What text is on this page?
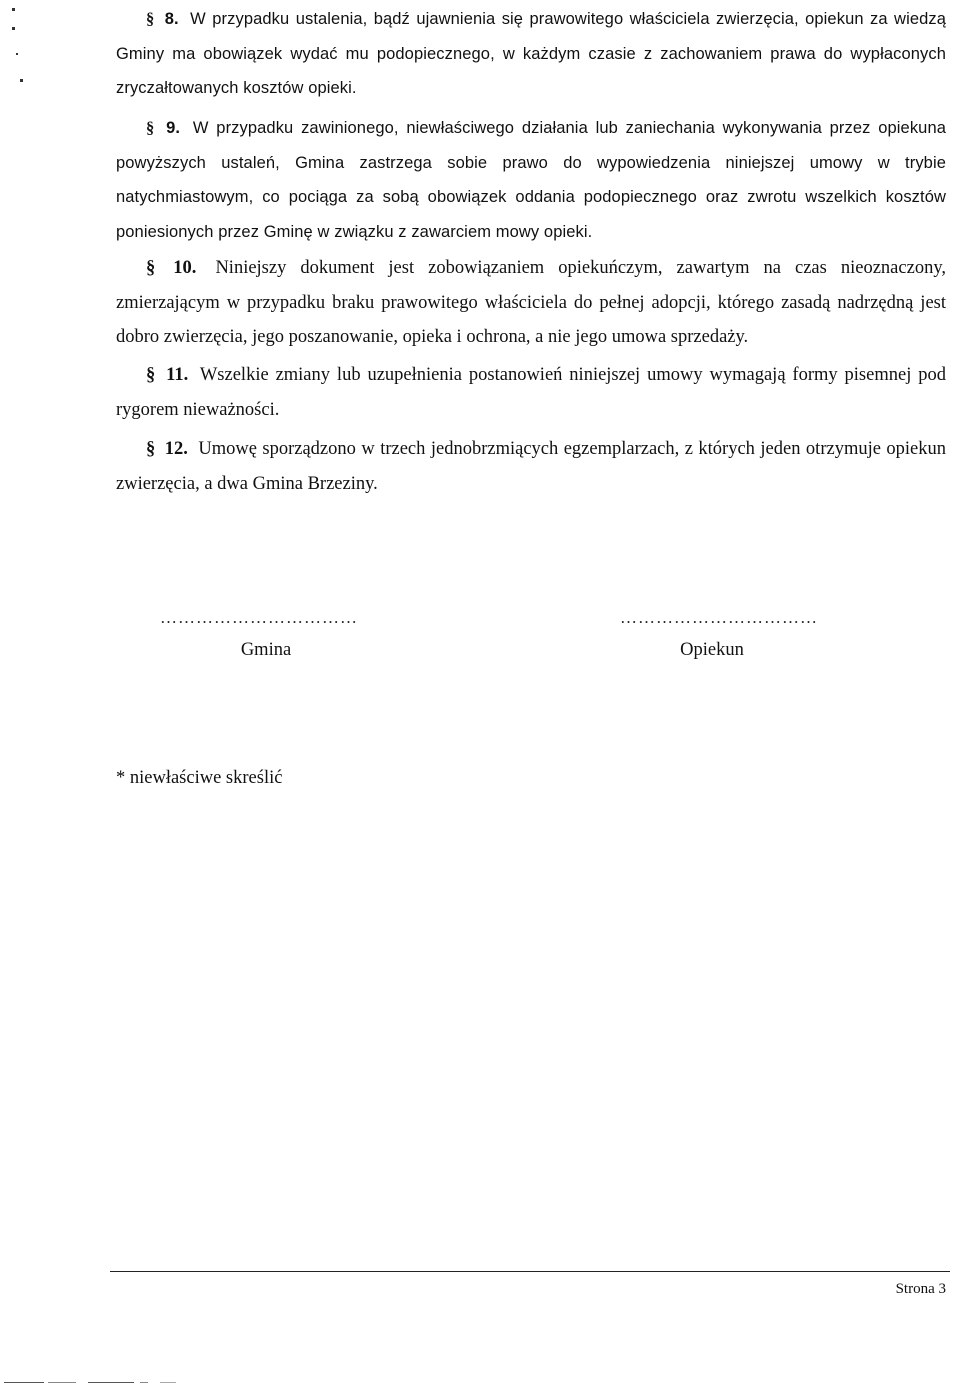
§ 8. W przypadku ustalenia, bądź ujawnienia się prawowitego właściciela zwierzęcia, opiekun za wiedzą Gminy ma obowiązek wydać mu podopiecznego, w każdym czasie z zachowaniem prawa do wypłaconych zryczałtowanych kosztów opieki.

§ 9. W przypadku zawinionego, niewłaściwego działania lub zaniechania wykonywania przez opiekuna powyższych ustaleń, Gmina zastrzega sobie prawo do wypowiedzenia niniejszej umowy w trybie natychmiastowym, co pociąga za sobą obowiązek oddania podopiecznego oraz zwrotu wszelkich kosztów poniesionych przez Gminę w związku z zawarciem mowy opieki.

§ 10. Niniejszy dokument jest zobowiązaniem opiekuńczym, zawartym na czas nieoznaczony, zmierzającym w przypadku braku prawowitego właściciela do pełnej adopcji, którego zasadą nadrzędną jest dobro zwierzęcia, jego poszanowanie, opieka i ochrona, a nie jego umowa sprzedaży.

§ 11. Wszelkie zmiany lub uzupełnienia postanowień niniejszej umowy wymagają formy pisemnej pod rygorem nieważności.

§ 12. Umowę sporządzono w trzech jednobrzmiących egzemplarzach, z których jeden otrzymuje opiekun zwierzęcia, a dwa Gmina Brzeziny.

……………………………
Gmina
……………………………
Opiekun
* niewłaściwe skreślić
Strona 3
